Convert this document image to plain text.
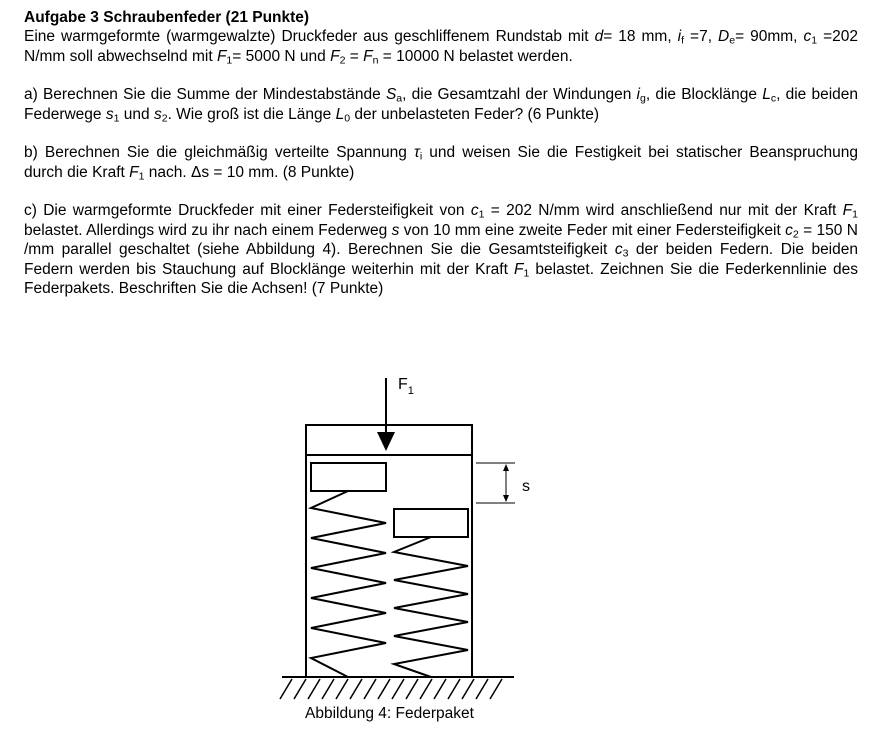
Aufgabe 3 Schraubenfeder (21 Punkte)

Eine warmgeformte (warmgewalzte) Druckfeder aus geschliffenem Rundstab mit d= 18 mm, $i_f =7$, $D_e= 90mm$, $c_1 =202$ N/mm soll abwechselnd mit $F_1= 5000$ N und $F_2 = F_n = 10000$ N belastet werden.

a) Berechnen Sie die Summe der Mindestabstände $S_a$, die Gesamtzahl der Windungen $i_g$, die Blocklänge $L_c$, die beiden Federwege $s_1$ und $s_2$. Wie groß ist die Länge $L_0$ der unbelasteten Feder? (6 Punkte)

b) Berechnen Sie die gleichmäßig verteilte Spannung $\tau_i$ und weisen Sie die Festigkeit bei statischer Beanspruchung durch die Kraft $F_1$ nach. Δs = 10 mm. (8 Punkte)

c) Die warmgeformte Druckfeder mit einer Federsteifigkeit von $c_1 = 202$ N/mm wird anschließend nur mit der Kraft $F_1$ belastet. Allerdings wird zu ihr nach einem Federweg s von 10 mm eine zweite Feder mit einer Federsteifigkeit $c_2 = 150$ N /mm parallel geschaltet (siehe Abbildung 4). Berechnen Sie die Gesamtsteifigkeit $c_3$ der beiden Federn. Die beiden Federn werden bis Stauchung auf Blocklänge weiterhin mit der Kraft $F_1$ belastet. Zeichnen Sie die Federkennlinie des Federpakets. Beschriften Sie die Achsen! (7 Punkte)

$F_1$
s
Abbildung 4: Federpaket
